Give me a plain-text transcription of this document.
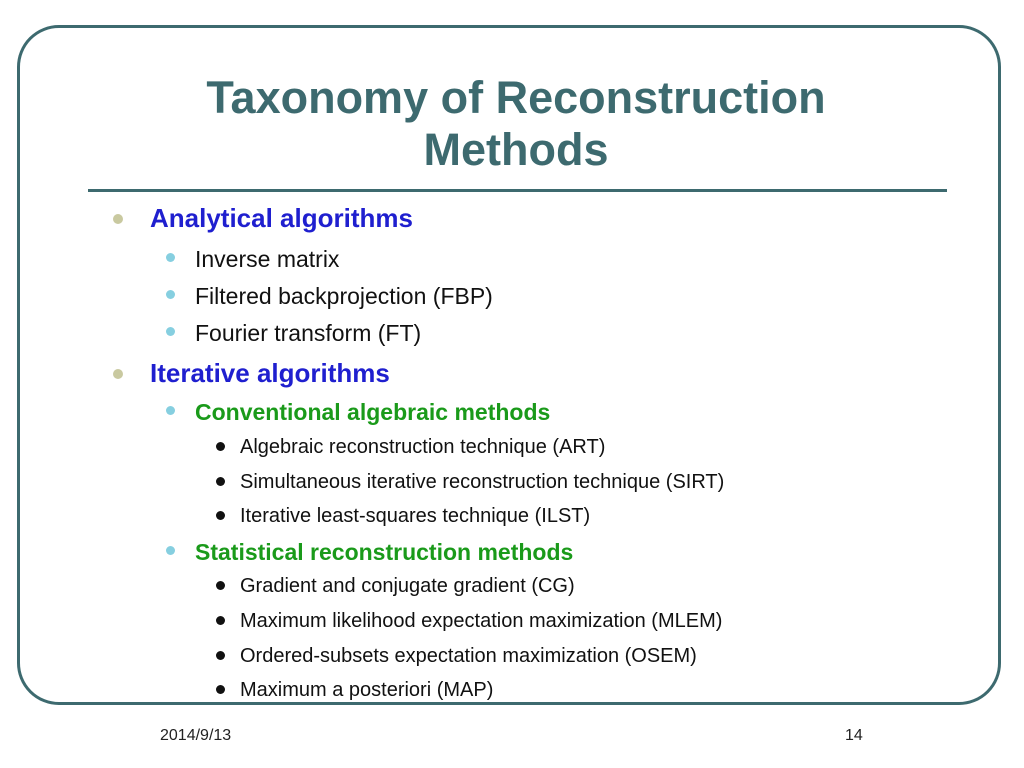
Taxonomy of Reconstruction
Methods
Analytical algorithms
Inverse matrix
Filtered backprojection (FBP)
Fourier transform (FT)
Iterative algorithms
Conventional algebraic methods
Algebraic reconstruction technique (ART)
Simultaneous iterative reconstruction technique (SIRT)
Iterative least-squares technique (ILST)
Statistical reconstruction methods
Gradient and conjugate gradient (CG)
Maximum likelihood expectation maximization (MLEM)
Ordered-subsets expectation maximization (OSEM)
Maximum a posteriori (MAP)
2014/9/13	14
